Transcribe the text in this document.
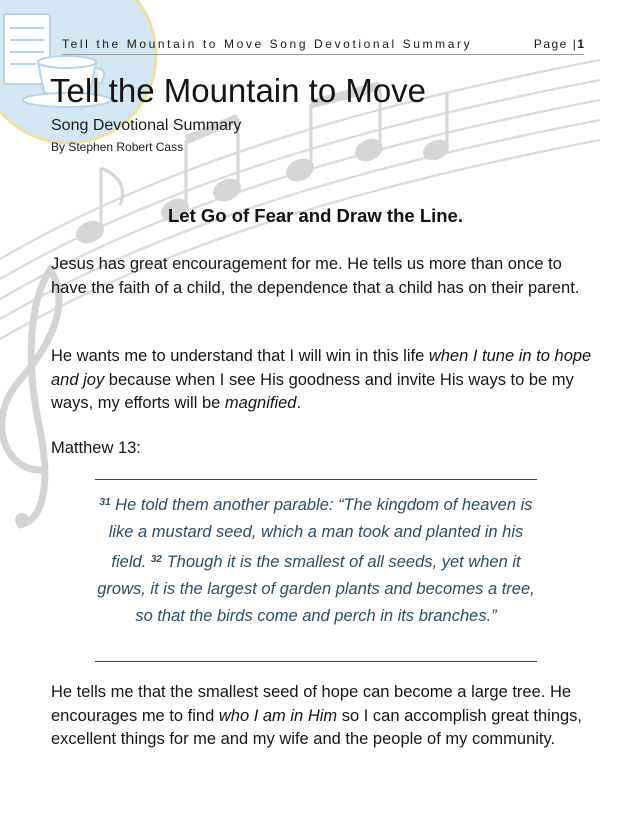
Tell the Mountain to Move Song Devotional Summary	Page |1
Tell the Mountain to Move
Song Devotional Summary
By Stephen Robert Cass
Let Go of Fear and Draw the Line.

Jesus has great encouragement for me. He tells us more than once to have the faith of a child, the dependence that a child has on their parent.

He wants me to understand that I will win in this life when I tune in to hope and joy because when I see His goodness and invite His ways to be my ways, my efforts will be magnified.

Matthew 13:

$^{31}$ He told them another parable: “The kingdom of heaven is like a mustard seed, which a man took and planted in his field. $^{32}$ Though it is the smallest of all seeds, yet when it grows, it is the largest of garden plants and becomes a tree, so that the birds come and perch in its branches.”

He tells me that the smallest seed of hope can become a large tree. He encourages me to find who I am in Him so I can accomplish great things, excellent things for me and my wife and the people of my community.
